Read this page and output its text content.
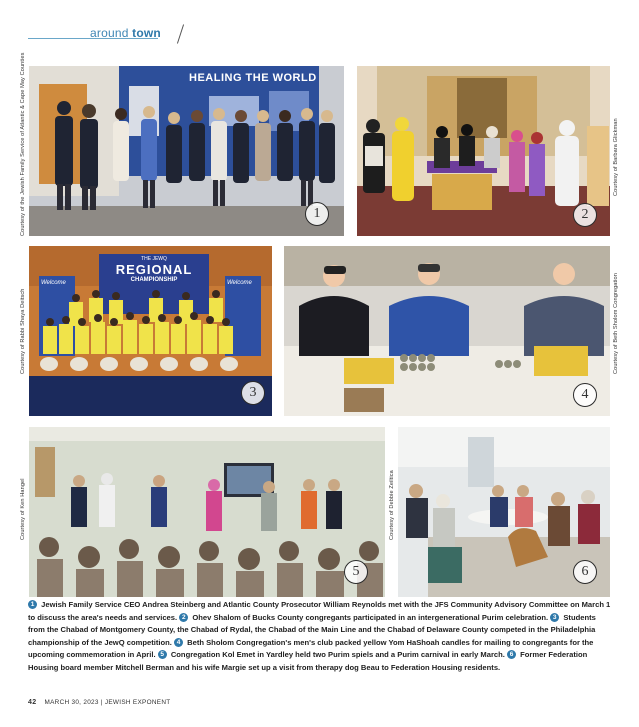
around town
Courtesy of the Jewish Family Service of Atlantic & Cape May Counties	HEALING THE WORLD
1	2
Courtesy of Barbara Glickman
Courtesy of Rabbi Shaya Deitsch
THE JEWQ
REGIONAL
CHAMPIONSHIP
Welcome	Welcome
3	4
Courtesy of Beth Sholom Congregation
Courtesy of Ken Hangel
5
Courtesy of Debbie Zeiltica
6
1 Jewish Family Service CEO Andrea Steinberg and Atlantic County Prosecutor William Reynolds met with the JFS Community Advisory Committee on March 1 to discuss the area's needs and services. 2 Ohev Shalom of Bucks County congregants participated in an intergenerational Purim celebration. 3 Students from the Chabad of Montgomery County, the Chabad of Rydal, the Chabad of the Main Line and the Chabad of Delaware County competed in the Philadelphia championship of the JewQ competition. 4 Beth Sholom Congregation's men's club packed yellow Yom HaShoah candles for mailing to congregants for the upcoming commemoration in April. 5 Congregation Kol Emet in Yardley held two Purim spiels and a Purim carnival in early March. 6 Former Federation Housing board member Mitchell Berman and his wife Margie set up a visit from therapy dog Beau to Federation Housing residents.
42 MARCH 30, 2023 | JEWISH EXPONENT
